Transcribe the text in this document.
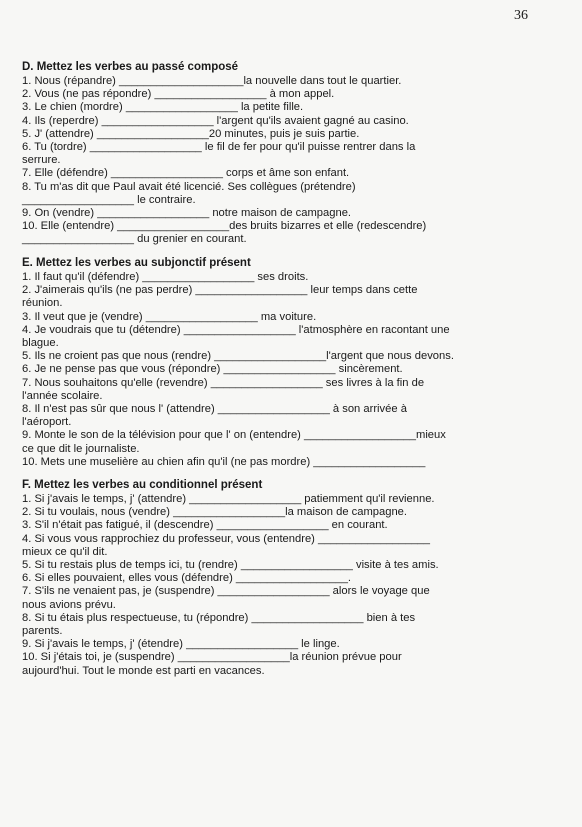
36
D. Mettez les verbes au passé composé

1. Nous (répandre) ____________________la nouvelle dans tout le quartier.

2. Vous (ne pas répondre) __________________ à mon appel.

3. Le chien (mordre) __________________ la petite fille.

4. Ils (reperdre) __________________ l'argent qu'ils avaient gagné au casino.

5. J' (attendre) __________________20 minutes, puis je suis partie.

6. Tu (tordre) __________________ le fil de fer pour qu'il puisse rentrer dans la

serrure.

7. Elle (défendre) __________________ corps et âme son enfant.

8. Tu m'as dit que Paul avait été licencié. Ses collègues (prétendre)

__________________ le contraire.

9. On (vendre) __________________ notre maison de campagne.

10. Elle (entendre) __________________des bruits bizarres et elle (redescendre)

__________________ du grenier en courant.

E. Mettez les verbes au subjonctif présent

1. Il faut qu'il (défendre) __________________ ses droits.

2. J'aimerais qu'ils (ne pas perdre) __________________ leur temps dans cette

réunion.

3. Il veut que je (vendre) __________________ ma voiture.

4. Je voudrais que tu (détendre) __________________ l'atmosphère en racontant une

blague.

5. Ils ne croient pas que nous (rendre) __________________l'argent que nous devons.

6. Je ne pense pas que vous (répondre) __________________ sincèrement.

7. Nous souhaitons qu'elle (revendre) __________________ ses livres à la fin de

l'année scolaire.

8. Il n'est pas sûr que nous l' (attendre) __________________ à son arrivée à

l'aéroport.

9. Monte le son de la télévision pour que l' on (entendre) __________________mieux

ce que dit le journaliste.

10. Mets une muselière au chien afin qu'il (ne pas mordre) __________________

F. Mettez les verbes au conditionnel présent

1. Si j'avais le temps, j' (attendre) __________________ patiemment qu'il revienne.

2. Si tu voulais, nous (vendre) __________________la maison de campagne.

3. S'il n'était pas fatigué, il (descendre) __________________ en courant.

4. Si vous vous rapprochiez du professeur, vous (entendre) __________________

mieux ce qu'il dit.

5. Si tu restais plus de temps ici, tu (rendre) __________________ visite à tes amis.

6. Si elles pouvaient, elles vous (défendre) __________________.

7. S'ils ne venaient pas, je (suspendre) __________________ alors le voyage que

nous avions prévu.

8. Si tu étais plus respectueuse, tu (répondre) __________________ bien à tes

parents.

9. Si j'avais le temps, j' (étendre) __________________ le linge.

10. Si j'étais toi, je (suspendre) __________________la réunion prévue pour

aujourd'hui. Tout le monde est parti en vacances.
